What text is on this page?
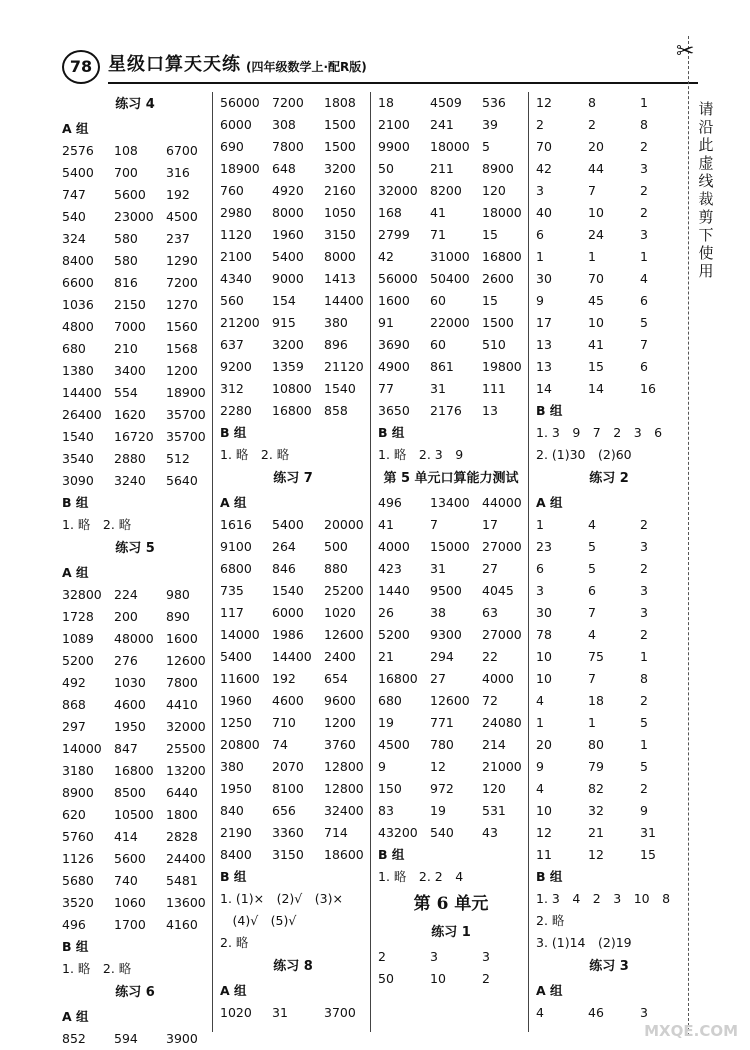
78 星级口算天天练 (四年级数学上·配R版)
✂
请沿此虚线裁剪下使用
练习 4
A 组
2576 108 6700
5400 700 316
747 5600 192
540 23000 4500
324 580 237
8400 580 1290
6600 816 7200
1036 2150 1270
4800 7000 1560
680 210 1568
1380 3400 1200
14400 554 18900
26400 1620 35700
1540 16720 35700
3540 2880 512
3090 3240 5640
B 组
1. 略　2. 略
练习 5
A 组
32800 224 980
1728 200 890
1089 48000 1600
5200 276 12600
492 1030 7800
868 4600 4410
297 1950 32000
14000 847 25500
3180 16800 13200
8900 8500 6440
620 10500 1800
5760 414 2828
1126 5600 24400
5680 740 5481
3520 1060 13600
496 1700 4160
B 组
1. 略　2. 略
练习 6
A 组
852 594 3900
56000 7200 1808
6000 308 1500
690 7800 1500
18900 648 3200
760 4920 2160
2980 8000 1050
1120 1960 3150
2100 5400 8000
4340 9000 1413
560 154 14400
21200 915 380
637 3200 896
9200 1359 21120
312 10800 1540
2280 16800 858
B 组
1. 略　2. 略
练习 7
A 组
1616 5400 20000
9100 264 500
6800 846 880
735 1540 25200
117 6000 1020
14000 1986 12600
5400 14400 2400
11600 192 654
1960 4600 9600
1250 710 1200
20800 74	3760
380 2070 12800
1950 8100 12800
840 656 32400
2190 3360 714
8400 3150 18600
B 组
1. (1)×　(2)√　(3)×
　(4)√　(5)√
2. 略
练习 8
A 组
1020 31	3700
18	4509 536
2100 241 39
9900 18000 5
50	211 8900
32000 8200 120
168 41	18000
2799 71	15
42	31000 16800
56000 50400 2600
1600 60	15
91	22000 1500
3690 60	510
4900 861 19800
77	31	111
3650 2176 13
B 组
1. 略　2. 3　9
第 5 单元口算能力测试
496 13400 44000
41	7	17
4000 15000 27000
423 31	27
1440 9500 4045
26	38	63
5200 9300 27000
21	294 22
16800 27	4000
680 12600 72
19	771 24080
4500 780 214
9	12	21000
150 972 120
83	19	531
43200 540 43
B 组
1. 略　2. 2　4
第 6 单元
练习 1
2	3	3
50	10	2
12	8	1
2	2	8
70	20	2
42	44	3
3	7	2
40	10	2
6	24	3
1	1	1
30	70	4
9	45	6
17	10	5
13	41	7
13	15	6
14	14	16
B 组
1. 3　9　7　2　3　6
2. (1)30　(2)60
练习 2
A 组
1	4	2
23	5	3
6	5	2
3	6	3
30	7	3
78	4	2
10	75	1
10	7	8
4	18	2
1	1	5
20	80	1
9	79	5
4	82	2
10	32	9
12	21	31
11	12	15
B 组
1. 3　4　2　3　10　8
2. 略
3. (1)14　(2)19
练习 3
A 组
4	46	3
MXQE.COM
